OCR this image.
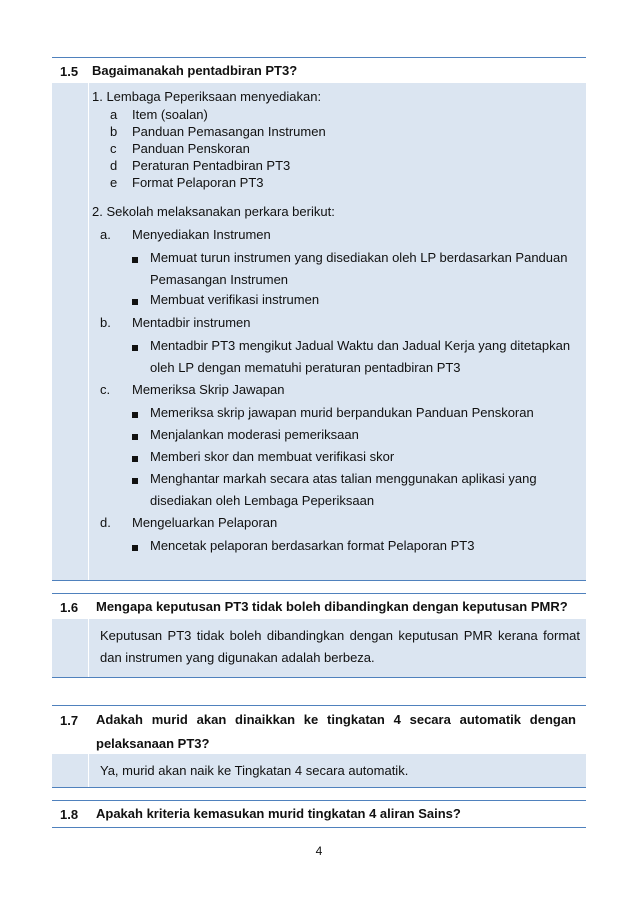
1.5 Bagaimanakah pentadbiran PT3?
1. Lembaga Peperiksaan menyediakan:
a Item (soalan)
b Panduan Pemasangan Instrumen
c Panduan Penskoran
d Peraturan Pentadbiran PT3
e Format Pelaporan PT3
2. Sekolah melaksanakan perkara berikut:
a. Menyediakan Instrumen
Memuat turun instrumen yang disediakan oleh LP berdasarkan Panduan
Pemasangan Instrumen
Membuat verifikasi instrumen
b. Mentadbir instrumen
Mentadbir PT3 mengikut Jadual Waktu dan Jadual Kerja yang ditetapkan
oleh LP dengan mematuhi peraturan pentadbiran PT3
c. Memeriksa Skrip Jawapan
Memeriksa skrip jawapan murid berpandukan Panduan Penskoran
Menjalankan moderasi pemeriksaan
Memberi skor dan membuat verifikasi skor
Menghantar markah secara atas talian menggunakan aplikasi yang
disediakan oleh Lembaga Peperiksaan
d. Mengeluarkan Pelaporan
Mencetak pelaporan berdasarkan format Pelaporan PT3
1.6 Mengapa keputusan PT3 tidak boleh dibandingkan dengan keputusan PMR?
Keputusan PT3 tidak boleh dibandingkan dengan keputusan PMR kerana format dan instrumen yang digunakan adalah berbeza.
1.7 Adakah murid akan dinaikkan ke tingkatan 4 secara automatik dengan pelaksanaan PT3?
Ya, murid akan naik ke Tingkatan 4 secara automatik.
1.8 Apakah kriteria kemasukan murid tingkatan 4 aliran Sains?
4
